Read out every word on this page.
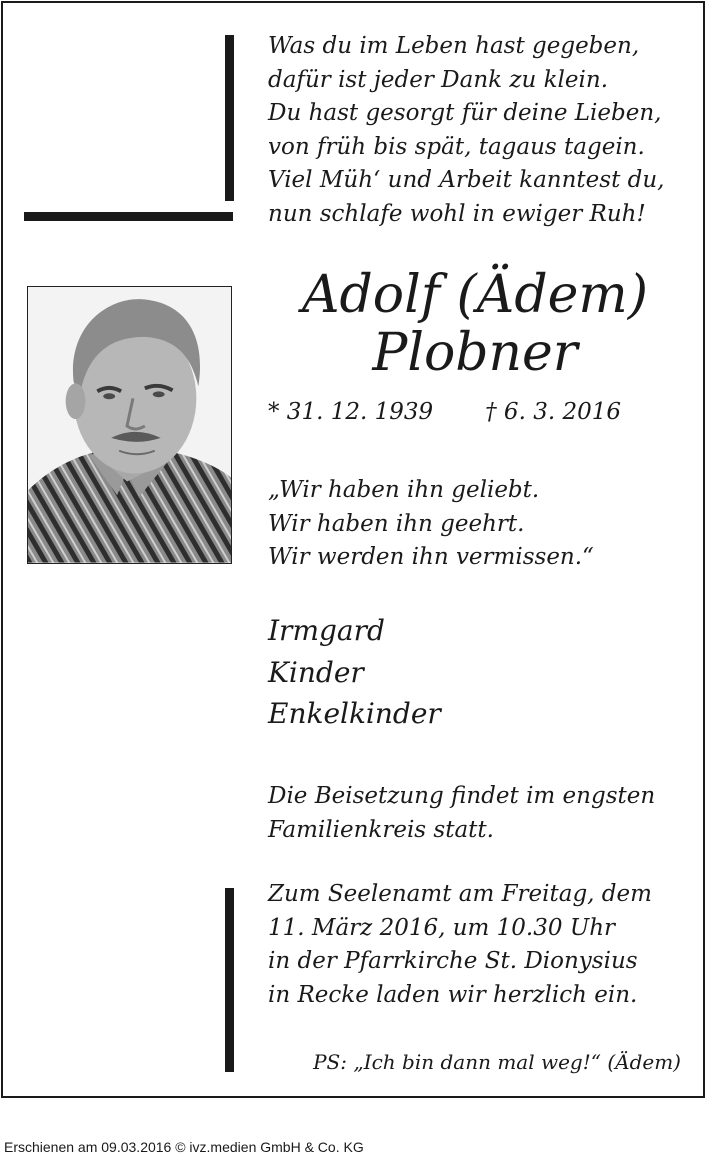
Was du im Leben hast gegeben,
dafür ist jeder Dank zu klein.
Du hast gesorgt für deine Lieben,
von früh bis spät, tagaus tagein.
Viel Müh‘ und Arbeit kanntest du,
nun schlafe wohl in ewiger Ruh!
Adolf (Ädem)
Plobner
* 31. 12. 1939 † 6. 3. 2016
„Wir haben ihn geliebt.
Wir haben ihn geehrt.
Wir werden ihn vermissen.“
Irmgard
Kinder
Enkelkinder
Die Beisetzung findet im engsten
Familienkreis statt.
Zum Seelenamt am Freitag, dem
11. März 2016, um 10.30 Uhr
in der Pfarrkirche St. Dionysius
in Recke laden wir herzlich ein.
PS: „Ich bin dann mal weg!“ (Ädem)
Erschienen am 09.03.2016 © ivz.medien GmbH & Co. KG
